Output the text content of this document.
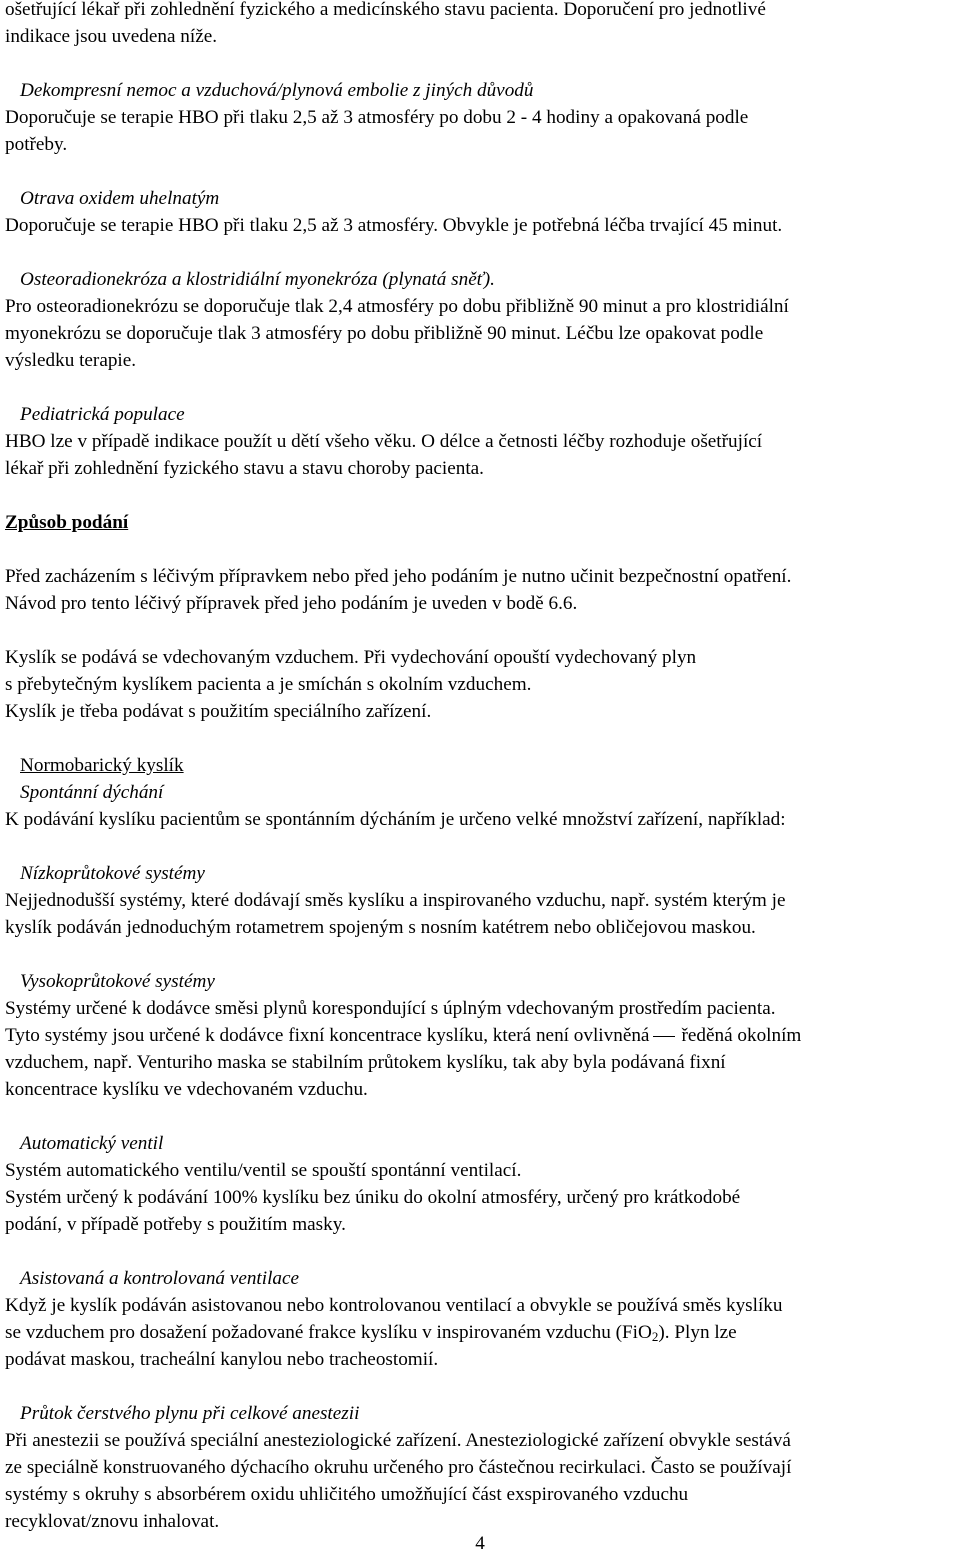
ošetřující lékař při zohlednění fyzického a medicínského stavu pacienta. Doporučení pro jednotlivé

indikace jsou uvedena níže.

Dekompresní nemoc a vzduchová/plynová embolie z jiných důvodů

Doporučuje se terapie HBO při tlaku 2,5 až 3 atmosféry po dobu 2 - 4 hodiny a opakovaná podle

potřeby.

Otrava oxidem uhelnatým

Doporučuje se terapie HBO při tlaku 2,5 až 3 atmosféry. Obvykle je potřebná léčba trvající 45 minut.

Osteoradionekróza a klostridiální myonekróza (plynatá sněť).

Pro osteoradionekrózu se doporučuje tlak 2,4 atmosféry po dobu přibližně 90 minut a pro klostridiální

myonekrózu se doporučuje tlak 3 atmosféry po dobu přibližně 90 minut. Léčbu lze opakovat podle

výsledku terapie.

Pediatrická populace

HBO lze v případě indikace použít u dětí všeho věku. O délce a četnosti léčby rozhoduje ošetřující

lékař při zohlednění fyzického stavu a stavu choroby pacienta.

Způsob podání

Před zacházením s léčivým přípravkem nebo před jeho podáním je nutno učinit bezpečnostní opatření.

Návod pro tento léčivý přípravek před jeho podáním je uveden v bodě 6.6.

Kyslík se podává se vdechovaným vzduchem. Při vydechování opouští vydechovaný plyn

s přebytečným kyslíkem pacienta a je smíchán s okolním vzduchem.

Kyslík je třeba podávat s použitím speciálního zařízení.

Normobarický kyslík

Spontánní dýchání

K podávání kyslíku pacientům se spontánním dýcháním je určeno velké množství zařízení, například:

Nízkoprůtokové systémy

Nejjednodušší systémy, které dodávají směs kyslíku a inspirovaného vzduchu, např. systém kterým je

kyslík podáván jednoduchým rotametrem spojeným s nosním katétrem nebo obličejovou maskou.

Vysokoprůtokové systémy

Systémy určené k dodávce směsi plynů korespondující s úplným vdechovaným prostředím pacienta.

Tyto systémy jsou určené k dodávce fixní koncentrace kyslíku, která není ovlivněná ředěná okolním

vzduchem, např. Venturiho maska se stabilním průtokem kyslíku, tak aby byla podávaná fixní

koncentrace kyslíku ve vdechovaném vzduchu.

Automatický ventil

Systém automatického ventilu/ventil se spouští spontánní ventilací.

Systém určený k podávání 100% kyslíku bez úniku do okolní atmosféry, určený pro krátkodobé

podání, v případě potřeby s použitím masky.

Asistovaná a kontrolovaná ventilace

Když je kyslík podáván asistovanou nebo kontrolovanou ventilací a obvykle se používá směs kyslíku

se vzduchem pro dosažení požadované frakce kyslíku v inspirovaném vzduchu (FiO$_2$). Plyn lze

podávat maskou, tracheální kanylou nebo tracheostomií.

Průtok čerstvého plynu při celkové anestezii

Při anestezii se používá speciální anesteziologické zařízení. Anesteziologické zařízení obvykle sestává

ze speciálně konstruovaného dýchacího okruhu určeného pro částečnou recirkulaci. Často se používají

systémy s okruhy s absorbérem oxidu uhličitého umožňující část exspirovaného vzduchu

recyklovat/znovu inhalovat.

4
